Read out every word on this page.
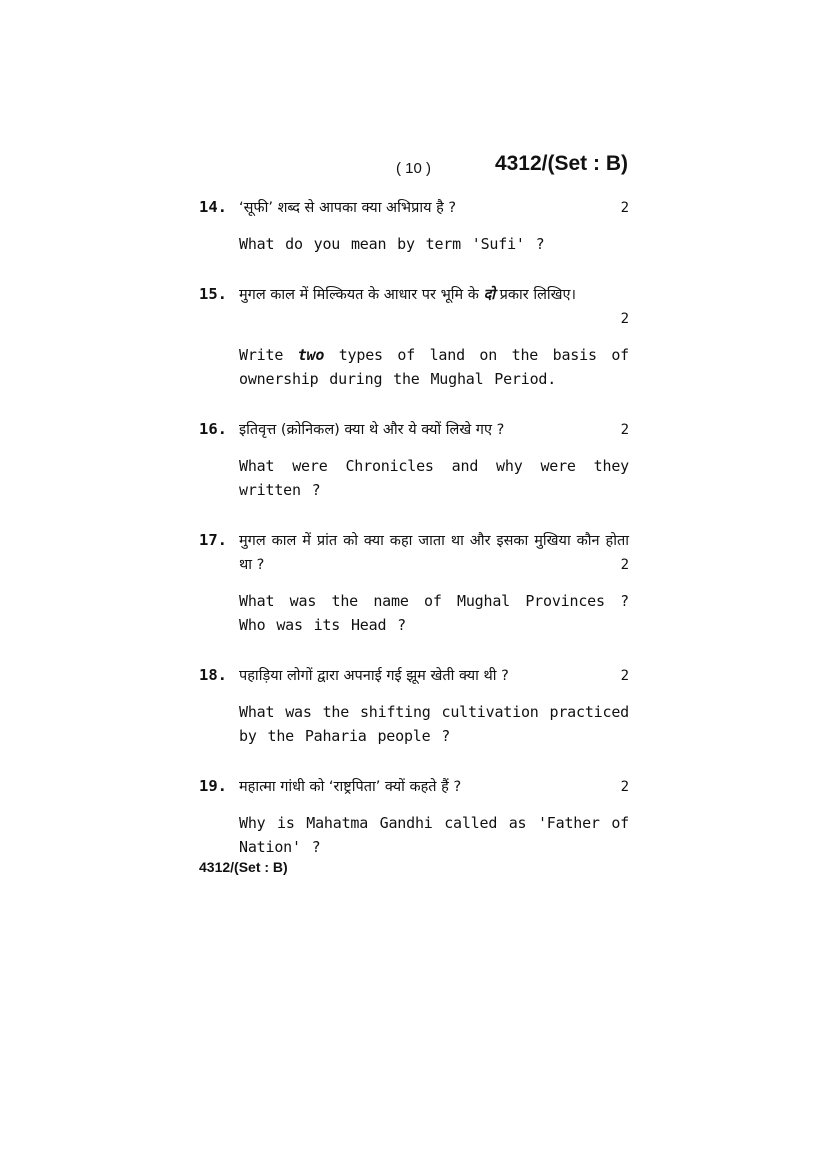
( 10 )	4312/(Set : B)
14. ‘सूफी’ शब्द से आपका क्या अभिप्राय है ?	2
What do you mean by term 'Sufi' ?
15. मुगल काल में मिल्कियत के आधार पर भूमि के दो प्रकार लिखिए।
2
Write two types of land on the basis of ownership during the Mughal Period.
16. इतिवृत्त (क्रोनिकल) क्या थे और ये क्यों लिखे गए ?	2
What were Chronicles and why were they written ?
17. मुगल काल में प्रांत को क्या कहा जाता था और इसका मुखिया कौन होता था ?	2
What was the name of Mughal Provinces ? Who was its Head ?
18. पहाड़िया लोगों द्वारा अपनाई गई झूम खेती क्या थी ?	2
What was the shifting cultivation practiced by the Paharia people ?
19. महात्मा गांधी को ‘राष्ट्रपिता’ क्यों कहते हैं ?	2
Why is Mahatma Gandhi called as 'Father of Nation' ?
4312/(Set : B)
